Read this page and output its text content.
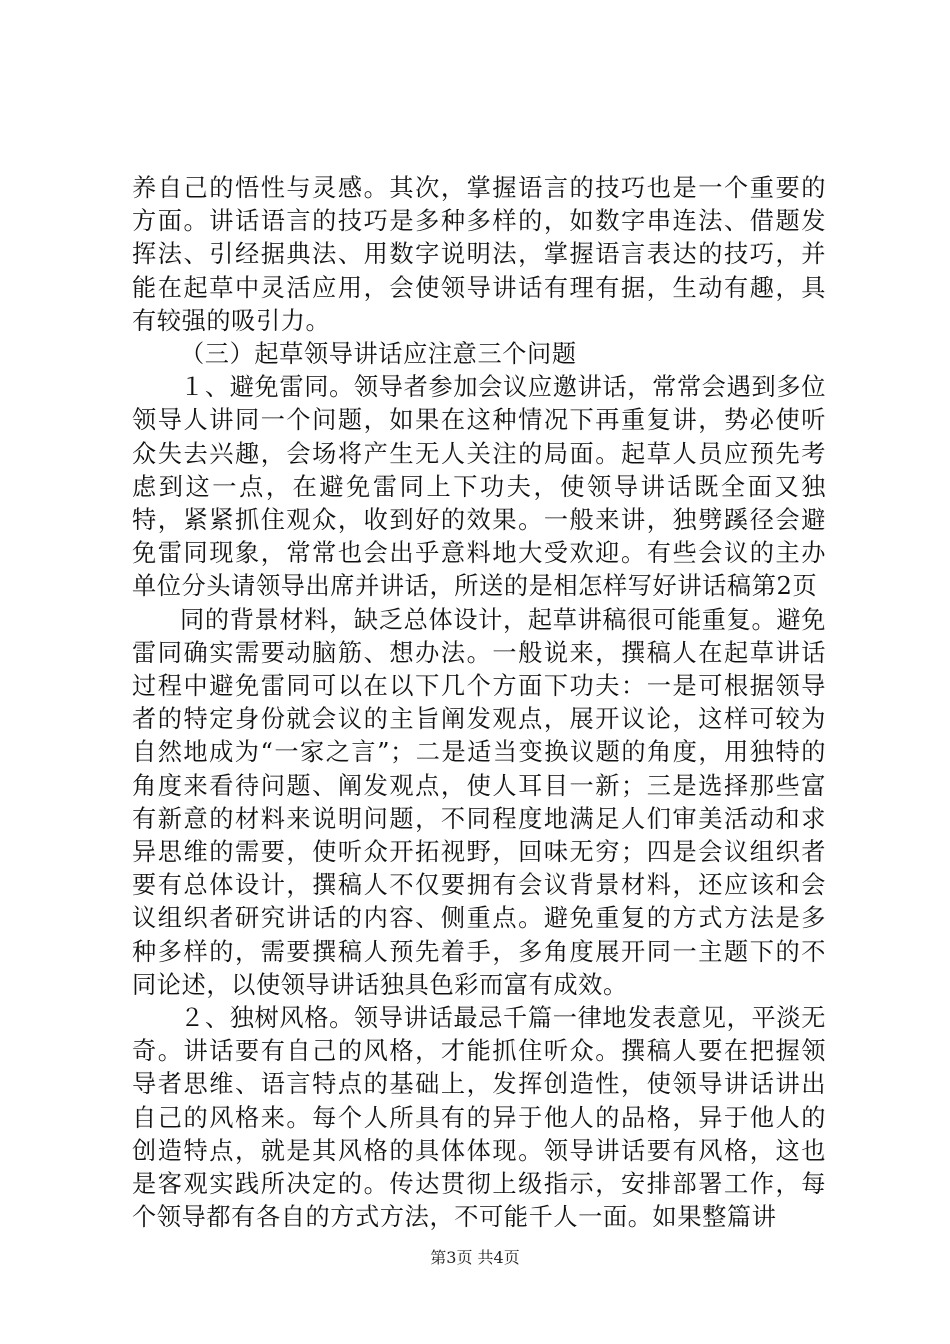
养自己的悟性与灵感。其次，掌握语言的技巧也是一个重要的方面。讲话语言的技巧是多种多样的，如数字串连法、借题发挥法、引经据典法、用数字说明法，掌握语言表达的技巧，并能在起草中灵活应用，会使领导讲话有理有据，生动有趣，具有较强的吸引力。

（三）起草领导讲话应注意三个问题

１、避免雷同。领导者参加会议应邀讲话，常常会遇到多位领导人讲同一个问题，如果在这种情况下再重复讲，势必使听众失去兴趣，会场将产生无人关注的局面。起草人员应预先考虑到这一点，在避免雷同上下功夫，使领导讲话既全面又独特，紧紧抓住观众，收到好的效果。一般来讲，独劈蹊径会避免雷同现象，常常也会出乎意料地大受欢迎。有些会议的主办单位分头请领导出席并讲话，所送的是相怎样写好讲话稿第2页

同的背景材料，缺乏总体设计，起草讲稿很可能重复。避免雷同确实需要动脑筋、想办法。一般说来，撰稿人在起草讲话过程中避免雷同可以在以下几个方面下功夫：一是可根据领导者的特定身份就会议的主旨阐发观点，展开议论，这样可较为自然地成为“一家之言”；二是适当变换议题的角度，用独特的角度来看待问题、阐发观点，使人耳目一新；三是选择那些富有新意的材料来说明问题，不同程度地满足人们审美活动和求异思维的需要，使听众开拓视野，回味无穷；四是会议组织者要有总体设计，撰稿人不仅要拥有会议背景材料，还应该和会议组织者研究讲话的内容、侧重点。避免重复的方式方法是多种多样的，需要撰稿人预先着手，多角度展开同一主题下的不同论述，以使领导讲话独具色彩而富有成效。

２、独树风格。领导讲话最忌千篇一律地发表意见，平淡无奇。讲话要有自己的风格，才能抓住听众。撰稿人要在把握领导者思维、语言特点的基础上，发挥创造性，使领导讲话讲出自己的风格来。每个人所具有的异于他人的品格，异于他人的创造特点，就是其风格的具体体现。领导讲话要有风格，这也是客观实践所决定的。传达贯彻上级指示，安排部署工作，每个领导都有各自的方式方法，不可能千人一面。如果整篇讲

第3页 共4页
